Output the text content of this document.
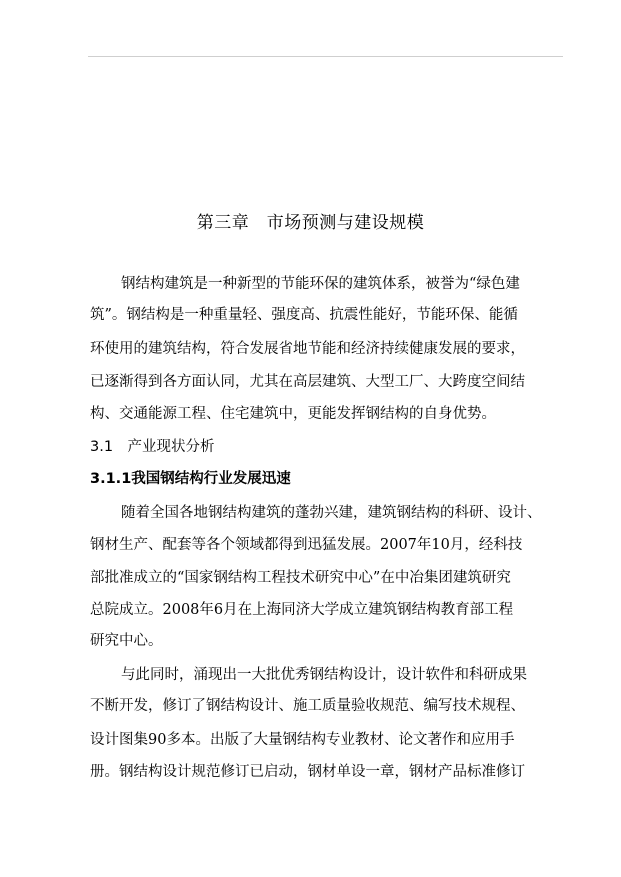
第三章　市场预测与建设规模
钢结构建筑是一种新型的节能环保的建筑体系，被誉为“绿色建
筑”。钢结构是一种重量轻、强度高、抗震性能好，节能环保、能循
环使用的建筑结构，符合发展省地节能和经济持续健康发展的要求，
已逐渐得到各方面认同，尤其在高层建筑、大型工厂、大跨度空间结
构、交通能源工程、住宅建筑中，更能发挥钢结构的自身优势。
3.1　产业现状分析
3.1.1我国钢结构行业发展迅速
随着全国各地钢结构建筑的蓬勃兴建，建筑钢结构的科研、设计、
钢材生产、配套等各个领域都得到迅猛发展。2007年10月，经科技
部批准成立的“国家钢结构工程技术研究中心”在中冶集团建筑研究
总院成立。2008年6月在上海同济大学成立建筑钢结构教育部工程
研究中心。
与此同时，涌现出一大批优秀钢结构设计，设计软件和科研成果
不断开发，修订了钢结构设计、施工质量验收规范、编写技术规程、
设计图集90多本。出版了大量钢结构专业教材、论文著作和应用手
册。钢结构设计规范修订已启动，钢材单设一章，钢材产品标准修订
